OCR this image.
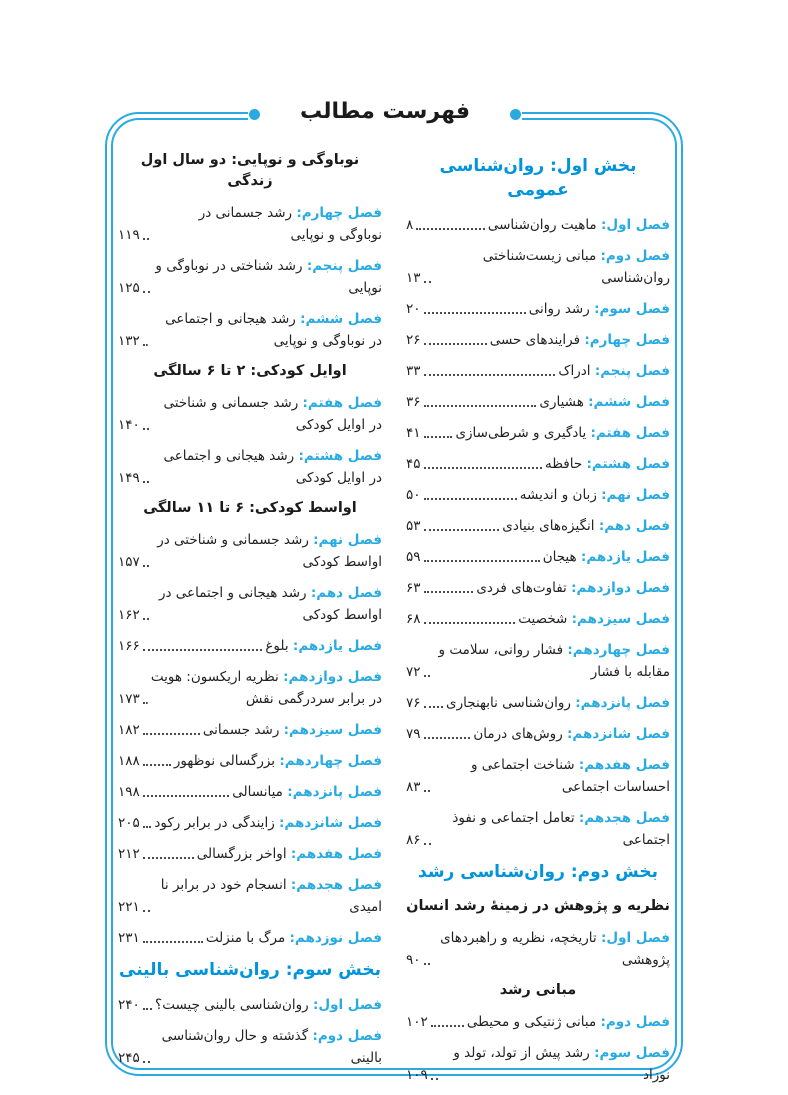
فهرست مطالب
بخش اول: روان‌شناسی عمومی
فصل اول: ماهیت روان‌شناسی
۸
فصل دوم: مبانی زیست‌شناختی روان‌شناسی
۱۳
فصل سوم: رشد روانی
۲۰
فصل چهارم: فرایندهای حسی
۲۶
فصل پنجم: ادراک
۳۳
فصل ششم: هشیاری
۳۶
فصل هفتم: یادگیری و شرطی‌سازی
۴۱
فصل هشتم: حافظه
۴۵
فصل نهم: زبان و اندیشه
۵۰
فصل دهم: انگیزه‌های بنیادی
۵۳
فصل یازدهم: هیجان
۵۹
فصل دوازدهم: تفاوت‌های فردی
۶۳
فصل سیزدهم: شخصیت
۶۸
فصل چهاردهم: فشار روانی، سلامت و مقابله با فشار
۷۲
فصل پانزدهم: روان‌شناسی نابهنجاری
۷۶
فصل شانزدهم: روش‌های درمان
۷۹
فصل هفدهم: شناخت اجتماعی و احساسات اجتماعی
۸۳
فصل هجدهم: تعامل اجتماعی و نفوذ اجتماعی
۸۶
بخش دوم: روان‌شناسی رشد
نظریه و پژوهش در زمینهٔ رشد انسان
فصل اول: تاریخچه، نظریه و راهبردهای پژوهشی
۹۰
مبانی رشد
فصل دوم: مبانی ژنتیکی و محیطی
۱۰۲
فصل سوم: رشد پیش از تولد، تولد و نوزاد
۱۰۹
نوباوگی و نوپایی: دو سال اول زندگی
فصل چهارم: رشد جسمانی در نوباوگی و نوپایی
۱۱۹
فصل پنجم: رشد شناختی در نوباوگی و نوپایی
۱۲۵
فصل ششم: رشد هیجانی و اجتماعی در نوباوگی و نوپایی
۱۳۲
اوایل کودکی: ۲ تا ۶ سالگی
فصل هفتم: رشد جسمانی و شناختی در اوایل کودکی
۱۴۰
فصل هشتم: رشد هیجانی و اجتماعی در اوایل کودکی
۱۴۹
اواسط کودکی: ۶ تا ۱۱ سالگی
فصل نهم: رشد جسمانی و شناختی در اواسط کودکی
۱۵۷
فصل دهم: رشد هیجانی و اجتماعی در اواسط کودکی
۱۶۲
فصل یازدهم: بلوغ
۱۶۶
فصل دوازدهم: نظریه اریکسون: هویت در برابر سردرگمی نقش
۱۷۳
فصل سیزدهم: رشد جسمانی
۱۸۲
فصل چهاردهم: بزرگسالی نوظهور
۱۸۸
فصل پانزدهم: میانسالی
۱۹۸
فصل شانزدهم: زایندگی در برابر رکود
۲۰۵
فصل هفدهم: اواخر بزرگسالی
۲۱۲
فصل هجدهم: انسجام خود در برابر نا امیدی
۲۲۱
فصل نوزدهم: مرگ با منزلت
۲۳۱
بخش سوم: روان‌شناسی بالینی
فصل اول: روان‌شناسی بالینی چیست؟
۲۴۰
فصل دوم: گذشته و حال روان‌شناسی بالینی
۲۴۵
